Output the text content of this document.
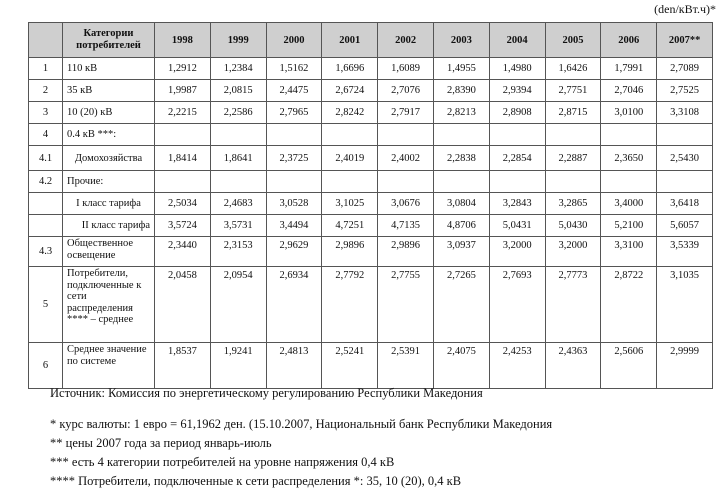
(den/кВт.ч)*
	Категории потребителей	1998	1999	2000	2001	2002	2003	2004	2005	2006	2007**
1	110 кВ	1,2912	1,2384	1,5162	1,6696	1,6089	1,4955	1,4980	1,6426	1,7991	2,7089
2	35 кВ	1,9987	2,0815	2,4475	2,6724	2,7076	2,8390	2,9394	2,7751	2,7046	2,7525
3	10 (20) кВ	2,2215	2,2586	2,7965	2,8242	2,7917	2,8213	2,8908	2,8715	3,0100	3,3108
4	0.4 кВ ***:										
4.1	Домохозяйства	1,8414	1,8641	2,3725	2,4019	2,4002	2,2838	2,2854	2,2887	2,3650	2,5430
4.2	Прочие:										
	I класс тарифа	2,5034	2,4683	3,0528	3,1025	3,0676	3,0804	3,2843	3,2865	3,4000	3,6418
	II класс тарифа	3,5724	3,5731	3,4494	4,7251	4,7135	4,8706	5,0431	5,0430	5,2100	5,6057
4.3	Общественное освещение	2,3440	2,3153	2,9629	2,9896	2,9896	3,0937	3,2000	3,2000	3,3100	3,5339
5	Потребители, подключенные к сети распределения **** – среднее	2,0458	2,0954	2,6934	2,7792	2,7755	2,7265	2,7693	2,7773	2,8722	3,1035
6	Среднее значение по системе	1,8537	1,9241	2,4813	2,5241	2,5391	2,4075	2,4253	2,4363	2,5606	2,9999
Источник: Комиссия по энергетическому регулированию Республики Македония
* курс валюты: 1 евро = 61,1962 ден. (15.10.2007, Национальный банк Республики Македония
** цены 2007 года за период январь-июль
*** есть 4 категории потребителей на уровне напряжения 0,4 кВ
**** Потребители, подключенные к сети распределения *: 35, 10 (20), 0,4 кВ
